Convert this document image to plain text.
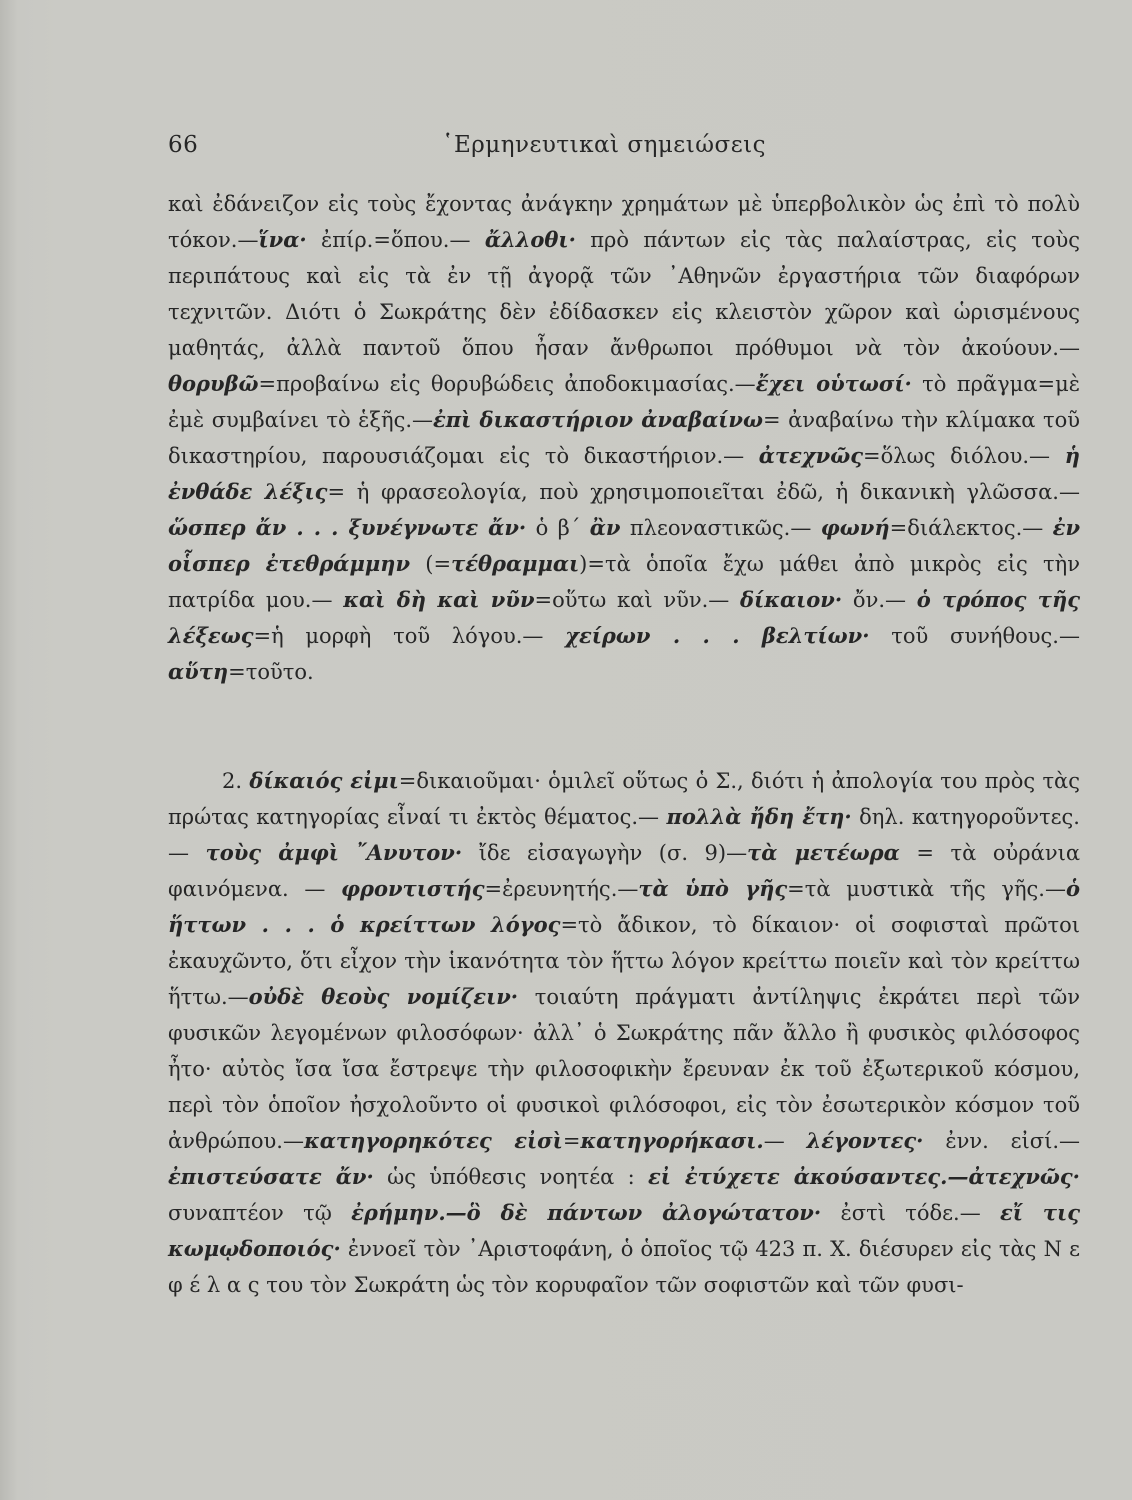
66	῾Ερμηνευτικαὶ σημειώσεις

καὶ ἐδάνειζον εἰς τοὺς ἔχοντας ἀνάγκην χρημάτων μὲ ὑπερβολικὸν ὡς ἐπὶ τὸ πολὺ τόκον.—ἵνα· ἐπίρ.=ὅπου.— ἄλλοθι· πρὸ πάντων εἰς τὰς παλαίστρας, εἰς τοὺς περιπάτους καὶ εἰς τὰ ἐν τῇ ἀγορᾷ τῶν ᾿Αθηνῶν ἐργαστήρια τῶν διαφόρων τεχνιτῶν. Διότι ὁ Σωκράτης δὲν ἐδίδασκεν εἰς κλειστὸν χῶρον καὶ ὡρισμένους μαθητάς, ἀλλὰ παντοῦ ὅπου ἦσαν ἄνθρωποι πρόθυμοι νὰ τὸν ἀκούουν.— θορυβῶ=προβαίνω εἰς θορυβώδεις ἀποδοκιμασίας.—ἔχει οὑτωσί· τὸ πρᾶγμα=μὲ ἐμὲ συμβαίνει τὸ ἑξῆς.—ἐπὶ δικαστήριον ἀναβαίνω= ἀναβαίνω τὴν κλίμακα τοῦ δικαστηρίου, παρουσιάζομαι εἰς τὸ δικαστήριον.— ἀτεχνῶς=ὅλως διόλου.— ἡ ἐνθάδε λέξις= ἡ φρασεολογία, ποὺ χρησιμοποιεῖται ἐδῶ, ἡ δικανικὴ γλῶσσα.— ὥσπερ ἄν . . . ξυνέγνωτε ἄν· ὁ β΄ ἂν πλεοναστικῶς.— φωνή=διάλεκτος.— ἐν οἷσπερ ἐτεθράμμην (=τέθραμμαι)=τὰ ὁποῖα ἔχω μάθει ἀπὸ μικρὸς εἰς τὴν πατρίδα μου.— καὶ δὴ καὶ νῦν=οὕτω καὶ νῦν.— δίκαιον· ὄν.— ὁ τρόπος τῆς λέξεως=ἡ μορφὴ τοῦ λόγου.— χείρων . . . βελτίων· τοῦ συνήθους.— αὕτη=τοῦτο.

2. δίκαιός εἰμι=δικαιοῦμαι· ὁμιλεῖ οὕτως ὁ Σ., διότι ἡ ἀπολογία του πρὸς τὰς πρώτας κατηγορίας εἶναί τι ἐκτὸς θέματος.— πολλὰ ἤδη ἔτη· δηλ. κατηγοροῦντες.— τοὺς ἀμφὶ ῎Ανυτον· ἴδε εἰσαγωγὴν (σ. 9)—τὰ μετέωρα = τὰ οὐράνια φαινόμενα. — φροντιστής=ἐρευνητής.—τὰ ὑπὸ γῆς=τὰ μυστικὰ τῆς γῆς.—ὁ ἥττων . . . ὁ κρείττων λόγος=τὸ ἄδικον, τὸ δίκαιον· οἱ σοφισταὶ πρῶτοι ἐκαυχῶντο, ὅτι εἶχον τὴν ἱκανότητα τὸν ἥττω λόγον κρείττω ποιεῖν καὶ τὸν κρείττω ἥττω.—οὐδὲ θεοὺς νομίζειν· τοιαύτη πράγματι ἀντίληψις ἐκράτει περὶ τῶν φυσικῶν λεγομένων φιλοσόφων· ἀλλ᾿ ὁ Σωκράτης πᾶν ἄλλο ἢ φυσικὸς φιλόσοφος ἦτο· αὐτὸς ἴσα ἴσα ἔστρεψε τὴν φιλοσοφικὴν ἔρευναν ἐκ τοῦ ἐξωτερικοῦ κόσμου, περὶ τὸν ὁποῖον ἠσχολοῦντο οἱ φυσικοὶ φιλόσοφοι, εἰς τὸν ἐσωτερικὸν κόσμον τοῦ ἀνθρώπου.—κατηγορηκότες εἰσὶ=κατηγορήκασι.— λέγοντες· ἐνν. εἰσί.—ἐπιστεύσατε ἄν· ὡς ὑπόθεσις νοητέα : εἰ ἐτύχετε ἀκούσαντες.—ἀτεχνῶς· συναπτέον τῷ ἐρήμην.—ὃ δὲ πάντων ἀλογώτατον· ἐστὶ τόδε.— εἴ τις κωμῳδοποιός· ἐννοεῖ τὸν ᾿Αριστοφάνη, ὁ ὁποῖος τῷ 423 π. Χ. διέσυρεν εἰς τὰς Ν ε φ έ λ α ς του τὸν Σωκράτη ὡς τὸν κορυφαῖον τῶν σοφιστῶν καὶ τῶν φυσι-
